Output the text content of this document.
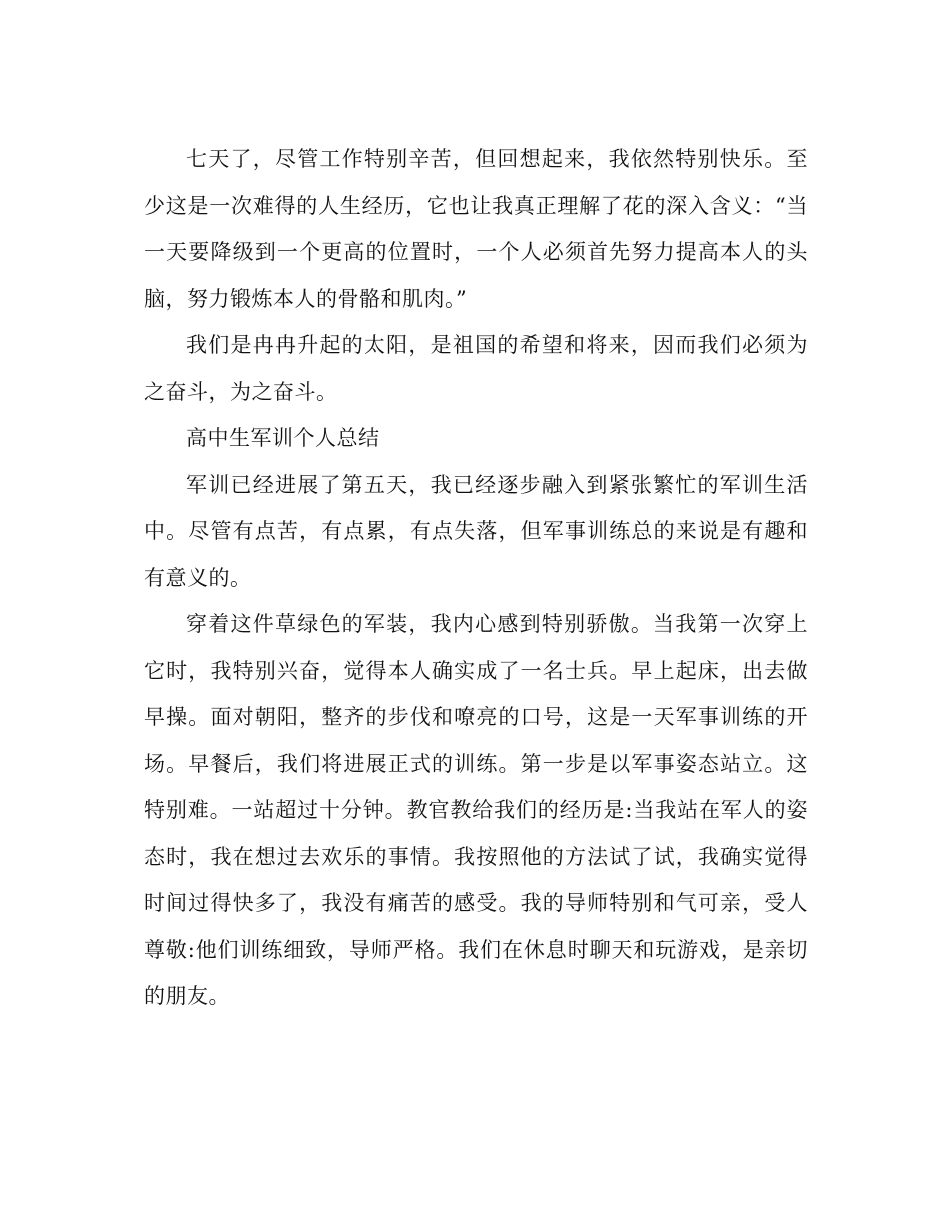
七天了，尽管工作特别辛苦，但回想起来，我依然特别快乐。至少这是一次难得的人生经历，它也让我真正理解了花的深入含义：“当一天要降级到一个更高的位置时，一个人必须首先努力提高本人的头脑，努力锻炼本人的骨骼和肌肉。”

我们是冉冉升起的太阳，是祖国的希望和将来，因而我们必须为之奋斗，为之奋斗。

高中生军训个人总结

军训已经进展了第五天，我已经逐步融入到紧张繁忙的军训生活中。尽管有点苦，有点累，有点失落，但军事训练总的来说是有趣和有意义的。

穿着这件草绿色的军装，我内心感到特别骄傲。当我第一次穿上它时，我特别兴奋，觉得本人确实成了一名士兵。早上起床，出去做早操。面对朝阳，整齐的步伐和嘹亮的口号，这是一天军事训练的开场。早餐后，我们将进展正式的训练。第一步是以军事姿态站立。这特别难。一站超过十分钟。教官教给我们的经历是:当我站在军人的姿态时，我在想过去欢乐的事情。我按照他的方法试了试，我确实觉得时间过得快多了，我没有痛苦的感受。我的导师特别和气可亲，受人尊敬:他们训练细致，导师严格。我们在休息时聊天和玩游戏，是亲切的朋友。
